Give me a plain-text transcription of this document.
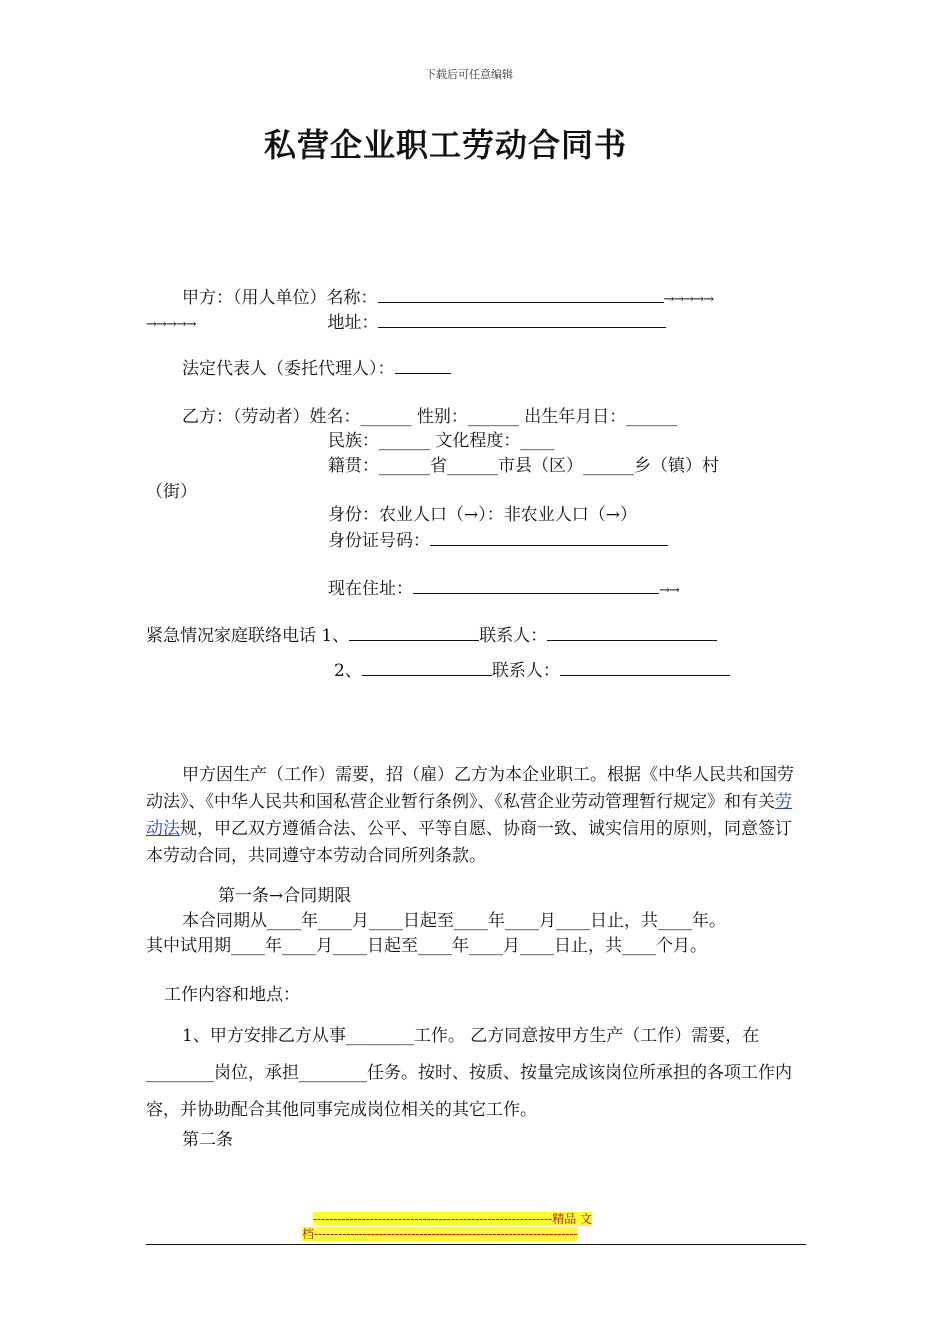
下载后可任意编辑
私营企业职工劳动合同书
甲方：（用人单位）名称：	→→→→→
→→→→→	地址：
法定代表人（委托代理人）：
乙方：（劳动者）姓名：______ 性别：______ 出生年月日：______
民族：______ 文化程度：____
籍贯：______省______市县（区）______乡（镇）村
（街）
身份：农业人口（→）：非农业人口（→）
身份证号码：
现在住址：	→→
紧急情况家庭联络电话 1、	联系人：
2、	联系人：
甲方因生产（工作）需要，招（雇）乙方为本企业职工。根据《中华人民共和国劳动法》、《中华人民共和国私营企业暂行条例》、《私营企业劳动管理暂行规定》和有关劳动法规，甲乙双方遵循合法、公平、平等自愿、协商一致、诚实信用的原则，同意签订本劳动合同，共同遵守本劳动合同所列条款。
第一条→合同期限
本合同期从____年____月____日起至____年____月____日止，共____年。
其中试用期____年____月____日起至____年____月____日止，共____个月。
工作内容和地点：
1、甲方安排乙方从事________工作。 乙方同意按甲方生产（工作）需要，在________岗位，承担________任务。按时、按质、按量完成该岗位所承担的各项工作内容，并协助配合其他同事完成岗位相关的其它工作。
第二条
-----------------------------------------------------------精品 文
档-----------------------------------------------------------------
